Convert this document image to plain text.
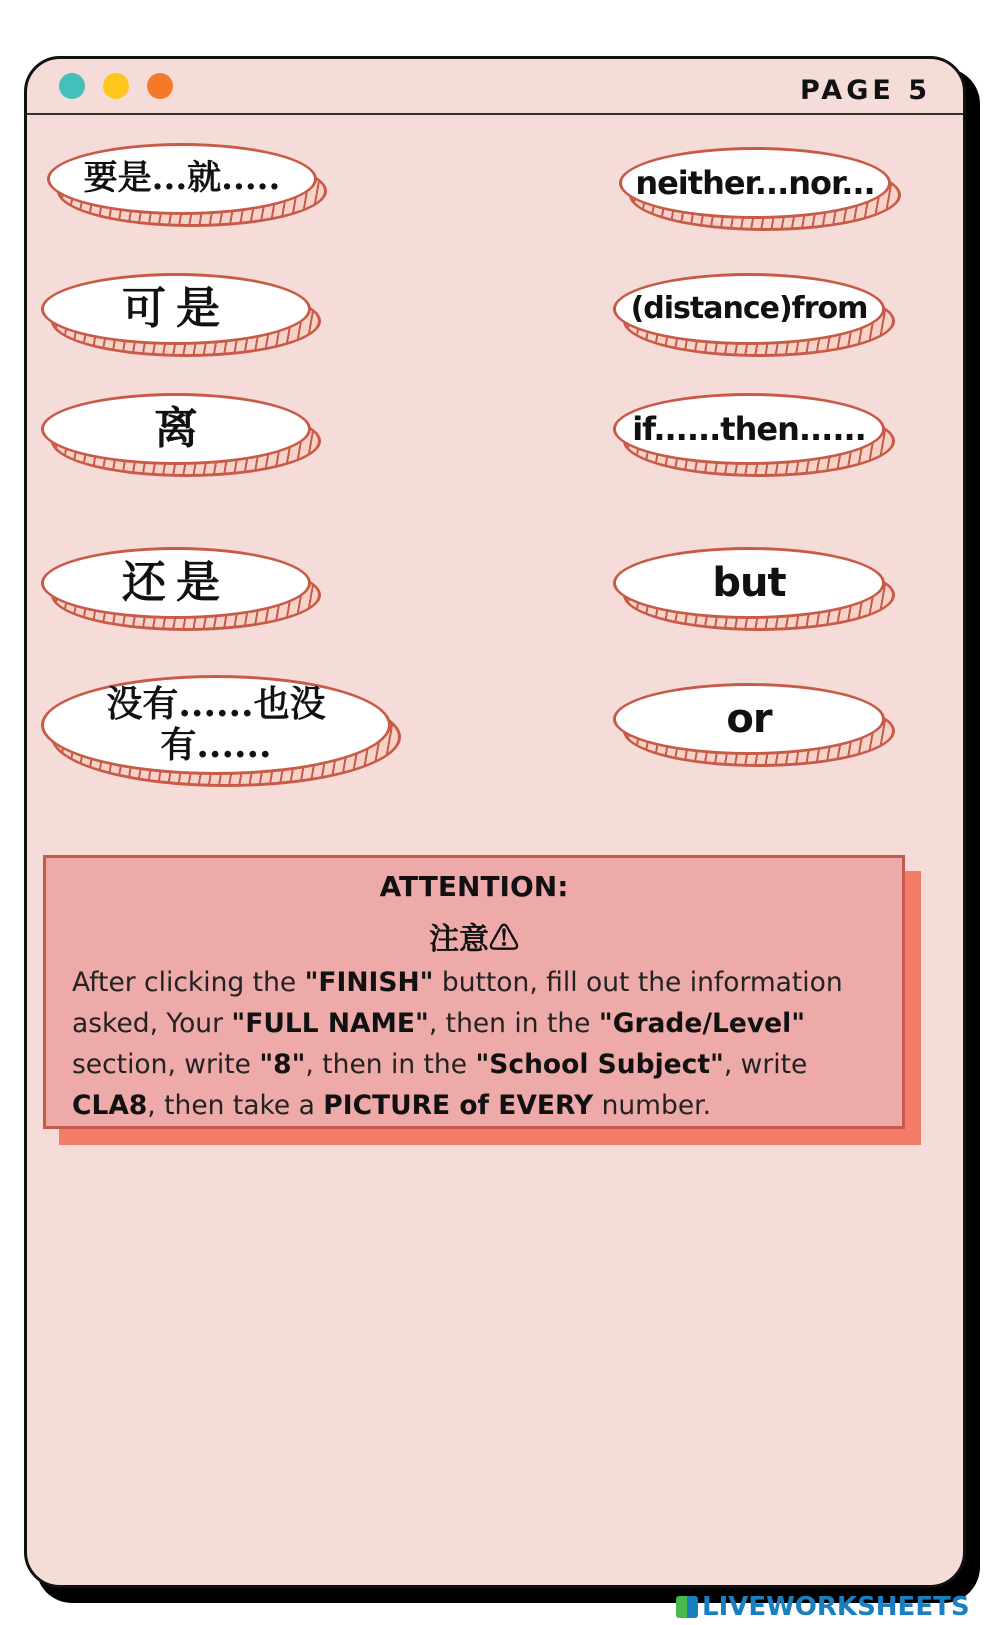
PAGE 5
要是...就.....
可是
离
还是
没有......也没有......
neither...nor...
(distance)from
if......then......
but
or
ATTENTION:
注意⚠
After clicking the "FINISH" button, fill out the information asked, Your "FULL NAME", then in the "Grade/Level" section, write "8", then in the "School Subject", write CLA8, then take a PICTURE of EVERY number.
LIVEWORKSHEETS
